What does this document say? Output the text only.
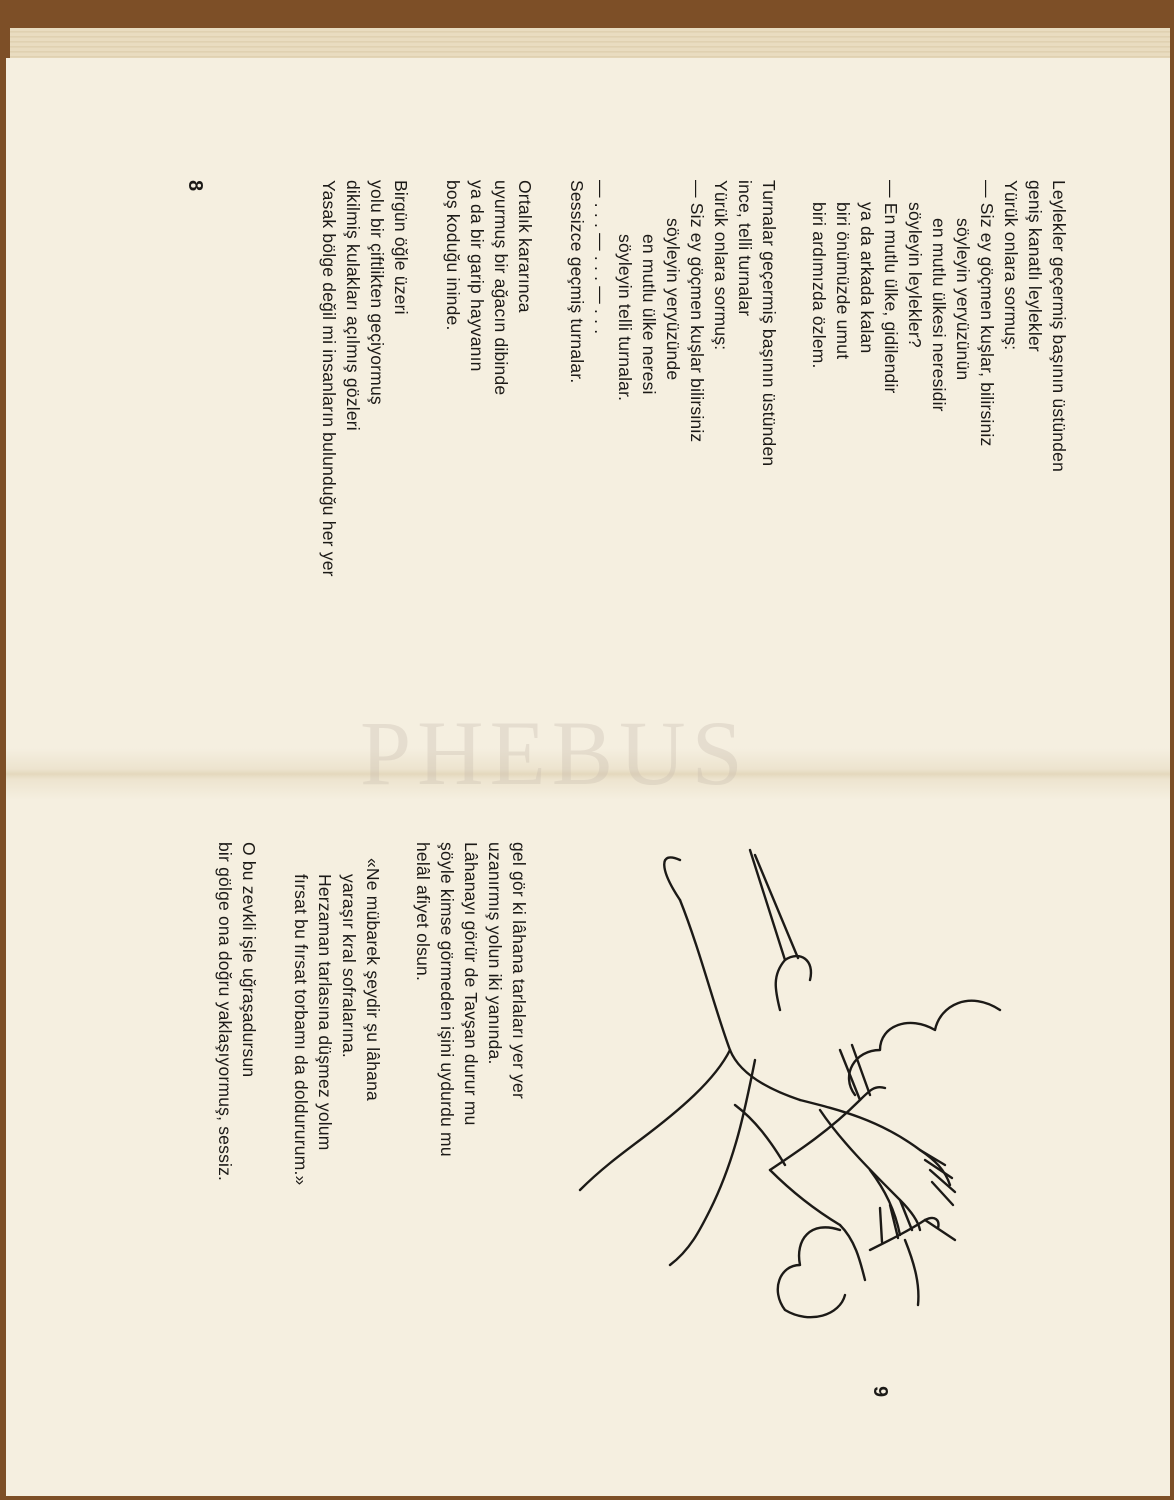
PHEBUS
Leylekler geçermiş başının üstünden
geniş kanatlı leylekler
Yürük onlara sormuş:
— Siz ey göçmen kuşlar, bilirsiniz
söyleyin yeryüzünün
en mutlu ülkesi neresidir
söyleyin leylekler?
— En mutlu ülke, gidilendir
ya da arkada kalan
biri önümüzde umut
biri ardımızda özlem.
Turnalar geçermiş başının üstünden
ince, telli turnalar
Yürük onlara sormuş:
— Siz ey göçmen kuşlar bilirsiniz
söyleyin yeryüzünde
en mutlu ülke neresi
söyleyin telli turnalar.
— . . . — . . . — . . .
Sessizce geçmiş turnalar.
Ortalık kararınca
uyurmuş bir ağacın dibinde
ya da bir garip hayvanın
boş koduğu ininde.
Birgün öğle üzeri
yolu bir çiftlikten geçiyormuş
dikilmiş kulakları açılmış gözleri
Yasak bölge değil mi insanların bulunduğu her yer
8
gel gör ki lâhana tarlaları yer yer
uzanırmış yolun iki yanında.
Lâhanayı görür de Tavşan durur mu
şöyle kimse görmeden işini uydurdu mu
helâl afiyet olsun.
«Ne mübarek şeydir şu lâhana
yaraşır kral sofralarına.
Herzaman tarlasına düşmez yolum
fırsat bu fırsat torbamı da doldururum.»
O bu zevkli işle uğraşadursun
bir gölge ona doğru yaklaşıyormuş, sessiz.
9
